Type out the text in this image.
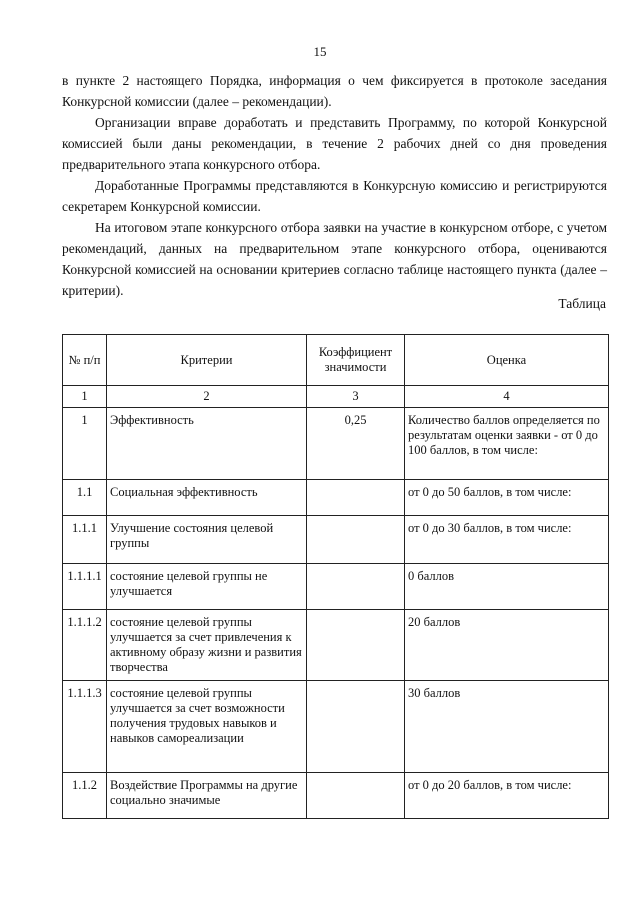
15

в пункте 2 настоящего Порядка, информация о чем фиксируется в протоколе заседания Конкурсной комиссии (далее – рекомендации).

Организации вправе доработать и представить Программу, по которой Конкурсной комиссией были даны рекомендации, в течение 2 рабочих дней со дня проведения предварительного этапа конкурсного отбора.

Доработанные Программы представляются в Конкурсную комиссию и регистрируются секретарем Конкурсной комиссии.

На итоговом этапе конкурсного отбора заявки на участие в конкурсном отборе, с учетом рекомендаций, данных на предварительном этапе конкурсного отбора, оцениваются Конкурсной комиссией на основании критериев согласно таблице настоящего пункта (далее – критерии).

Таблица
№ п/п	Критерии	Коэффициент значимости	Оценка
1	2	3	4
1	Эффективность	0,25	Количество баллов определяется по результатам оценки заявки - от 0 до 100 баллов, в том числе:
1.1	Социальная эффективность		от 0 до 50 баллов, в том числе:
1.1.1	Улучшение состояния целевой группы		от 0 до 30 баллов, в том числе:
1.1.1.1	состояние целевой группы не улучшается		0 баллов
1.1.1.2	состояние целевой группы улучшается за счет привлечения к активному образу жизни и развития творчества		20 баллов
1.1.1.3	состояние целевой группы улучшается за счет возможности получения трудовых навыков и навыков самореализации		30 баллов
1.1.2	Воздействие Программы на другие социально значимые		от 0 до 20 баллов, в том числе:
